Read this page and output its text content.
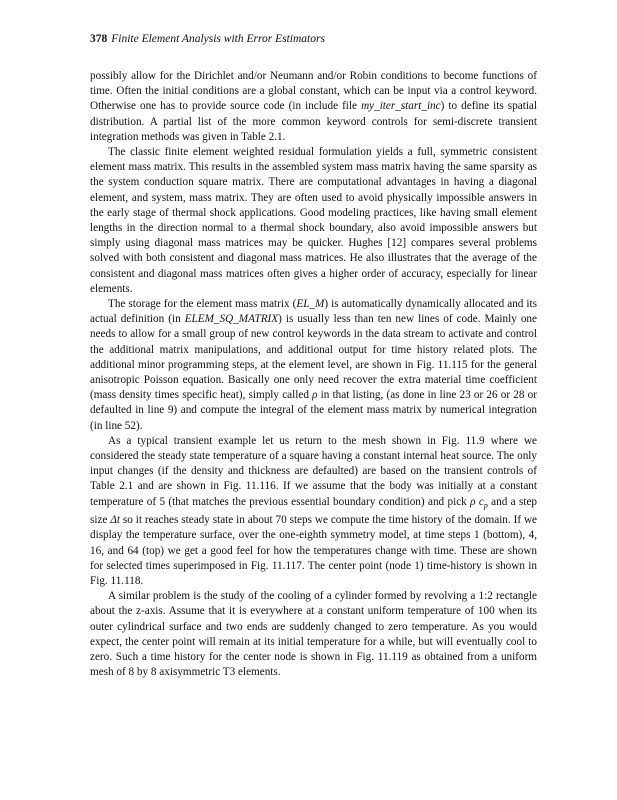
378 Finite Element Analysis with Error Estimators

possibly allow for the Dirichlet and/or Neumann and/or Robin conditions to become functions of time. Often the initial conditions are a global constant, which can be input via a control keyword. Otherwise one has to provide source code (in include file my_iter_start_inc) to define its spatial distribution. A partial list of the more common keyword controls for semi-discrete transient integration methods was given in Table 2.1.

The classic finite element weighted residual formulation yields a full, symmetric consistent element mass matrix. This results in the assembled system mass matrix having the same sparsity as the system conduction square matrix. There are computational advantages in having a diagonal element, and system, mass matrix. They are often used to avoid physically impossible answers in the early stage of thermal shock applications. Good modeling practices, like having small element lengths in the direction normal to a thermal shock boundary, also avoid impossible answers but simply using diagonal mass matrices may be quicker. Hughes [12] compares several problems solved with both consistent and diagonal mass matrices. He also illustrates that the average of the consistent and diagonal mass matrices often gives a higher order of accuracy, especially for linear elements.

The storage for the element mass matrix (EL_M) is automatically dynamically allocated and its actual definition (in ELEM_SQ_MATRIX) is usually less than ten new lines of code. Mainly one needs to allow for a small group of new control keywords in the data stream to activate and control the additional matrix manipulations, and additional output for time history related plots. The additional minor programming steps, at the element level, are shown in Fig. 11.115 for the general anisotropic Poisson equation. Basically one only need recover the extra material time coefficient (mass density times specific heat), simply called ρ in that listing, (as done in line 23 or 26 or 28 or defaulted in line 9) and compute the integral of the element mass matrix by numerical integration (in line 52).

As a typical transient example let us return to the mesh shown in Fig. 11.9 where we considered the steady state temperature of a square having a constant internal heat source. The only input changes (if the density and thickness are defaulted) are based on the transient controls of Table 2.1 and are shown in Fig. 11.116. If we assume that the body was initially at a constant temperature of 5 (that matches the previous essential boundary condition) and pick ρ $c_p$ and a step size Δt so it reaches steady state in about 70 steps we compute the time history of the domain. If we display the temperature surface, over the one-eighth symmetry model, at time steps 1 (bottom), 4, 16, and 64 (top) we get a good feel for how the temperatures change with time. These are shown for selected times superimposed in Fig. 11.117. The center point (node 1) time-history is shown in Fig. 11.118.

A similar problem is the study of the cooling of a cylinder formed by revolving a 1:2 rectangle about the z-axis. Assume that it is everywhere at a constant uniform temperature of 100 when its outer cylindrical surface and two ends are suddenly changed to zero temperature. As you would expect, the center point will remain at its initial temperature for a while, but will eventually cool to zero. Such a time history for the center node is shown in Fig. 11.119 as obtained from a uniform mesh of 8 by 8 axisymmetric T3 elements.
